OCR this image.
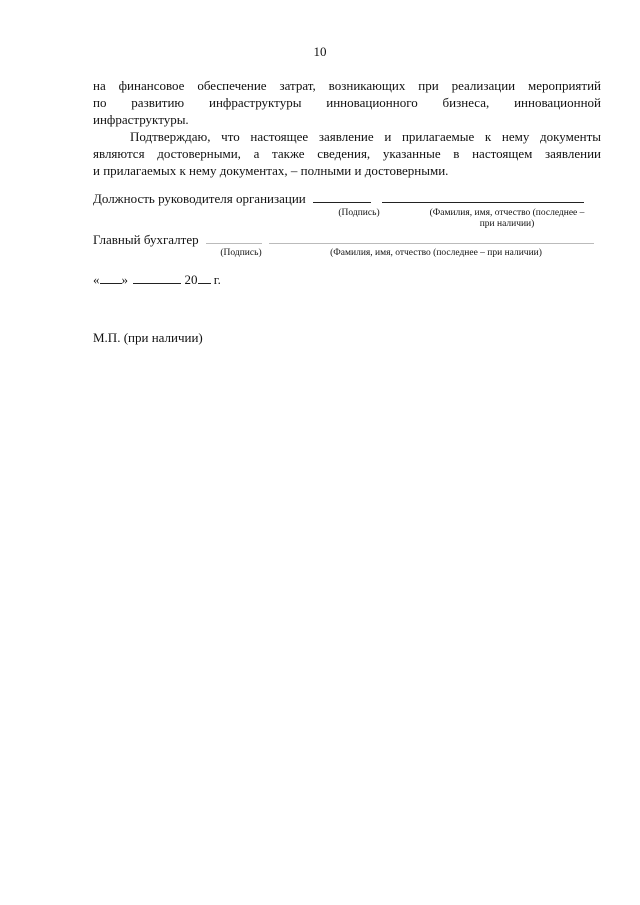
10

на финансовое обеспечение затрат, возникающих при реализации мероприятий

по развитию инфраструктуры инновационного бизнеса, инновационной

инфраструктуры.

Подтверждаю, что настоящее заявление и прилагаемые к нему документы

являются достоверными, а также сведения, указанные в настоящем заявлении

и прилагаемых к нему документах, – полными и достоверными.

Должность руководителя организации
(Подпись)	(Фамилия, имя, отчество (последнее –
при наличии)
Главный бухгалтер
(Подпись)	(Фамилия, имя, отчество (последнее – при наличии)
« »	20 г.
М.П. (при наличии)
